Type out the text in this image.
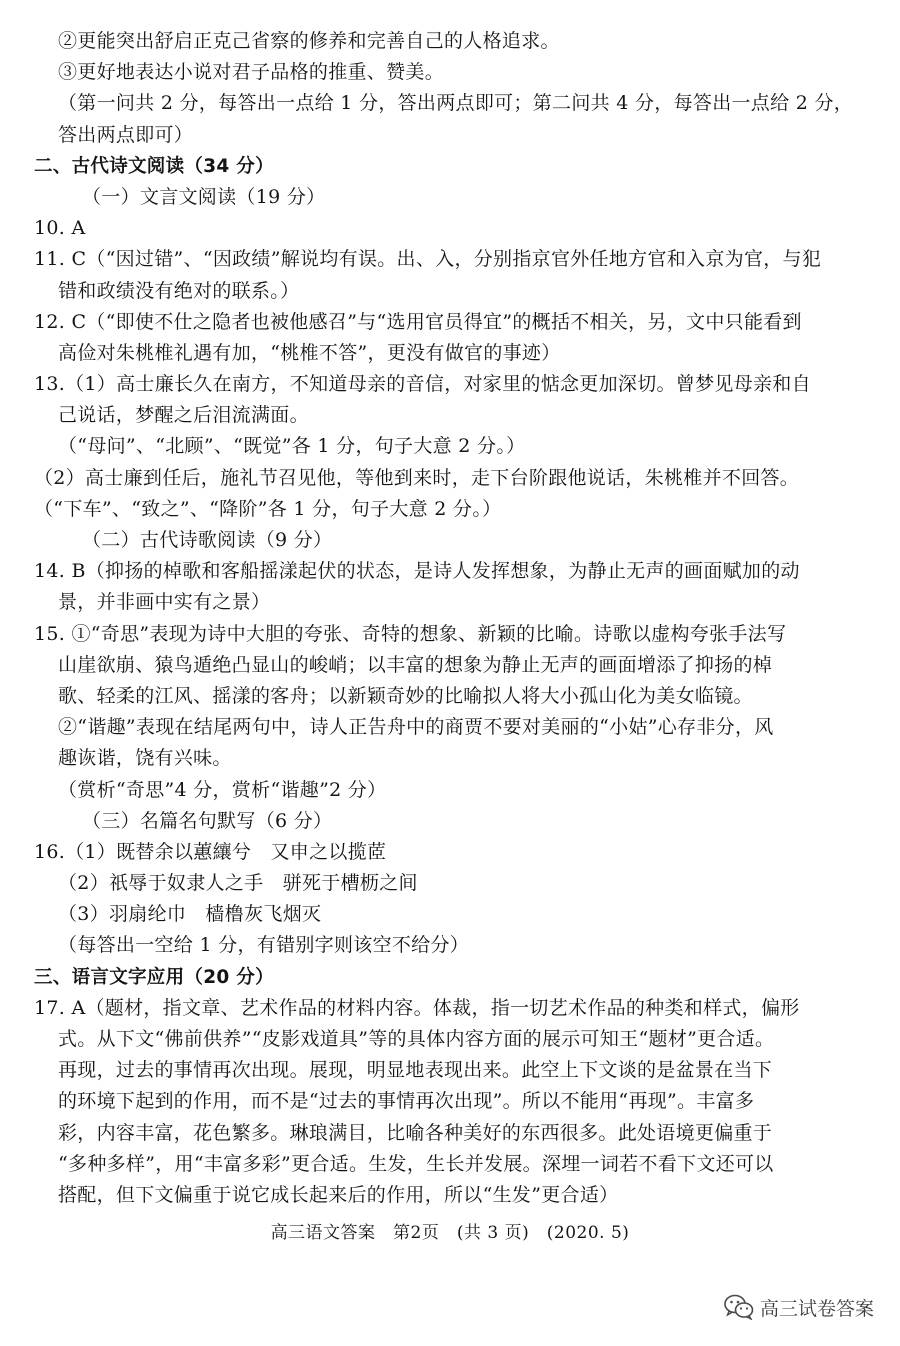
②更能突出舒启正克己省察的修养和完善自己的人格追求。
③更好地表达小说对君子品格的推重、赞美。
（第一问共 2 分，每答出一点给 1 分，答出两点即可；第二问共 4 分，每答出一点给 2 分，
答出两点即可）
二、古代诗文阅读（34 分）
（一）文言文阅读（19 分）
10. A
11. C（“因过错”、“因政绩”解说均有误。出、入，分别指京官外任地方官和入京为官，与犯
错和政绩没有绝对的联系。）
12. C（“即使不仕之隐者也被他感召”与“选用官员得宜”的概括不相关，另，文中只能看到
高俭对朱桃椎礼遇有加，“桃椎不答”，更没有做官的事迹）
13.（1）高士廉长久在南方，不知道母亲的音信，对家里的惦念更加深切。曾梦见母亲和自
己说话，梦醒之后泪流满面。
（“母问”、“北顾”、“既觉”各 1 分，句子大意 2 分。）
（2）高士廉到任后，施礼节召见他，等他到来时，走下台阶跟他说话，朱桃椎并不回答。
（“下车”、“致之”、“降阶”各 1 分，句子大意 2 分。）
（二）古代诗歌阅读（9 分）
14. B（抑扬的棹歌和客船摇漾起伏的状态，是诗人发挥想象，为静止无声的画面赋加的动
景，并非画中实有之景）
15. ①“奇思”表现为诗中大胆的夸张、奇特的想象、新颖的比喻。诗歌以虚构夸张手法写
山崖欲崩、猿鸟遁绝凸显山的峻峭；以丰富的想象为静止无声的画面增添了抑扬的棹
歌、轻柔的江风、摇漾的客舟；以新颖奇妙的比喻拟人将大小孤山化为美女临镜。
②“谐趣”表现在结尾两句中，诗人正告舟中的商贾不要对美丽的“小姑”心存非分，风
趣诙谐，饶有兴味。
（赏析“奇思”4 分，赏析“谐趣”2 分）
（三）名篇名句默写（6 分）
16.（1）既替余以蕙纕兮　又申之以揽茝
（2）祇辱于奴隶人之手　骈死于槽枥之间
（3）羽扇纶巾　樯橹灰飞烟灭
（每答出一空给 1 分，有错别字则该空不给分）
三、语言文字应用（20 分）
17. A（题材，指文章、艺术作品的材料内容。体裁，指一切艺术作品的种类和样式，偏形
式。从下文“佛前供养”“皮影戏道具”等的具体内容方面的展示可知王“题材”更合适。
再现，过去的事情再次出现。展现，明显地表现出来。此空上下文谈的是盆景在当下
的环境下起到的作用，而不是“过去的事情再次出现”。所以不能用“再现”。丰富多
彩，内容丰富，花色繁多。琳琅满目，比喻各种美好的东西很多。此处语境更偏重于
“多种多样”，用“丰富多彩”更合适。生发，生长并发展。深埋一词若不看下文还可以
搭配，但下文偏重于说它成长起来后的作用，所以“生发”更合适）
高三语文答案　第2页　(共 3 页)　(2020. 5)
高三试卷答案
